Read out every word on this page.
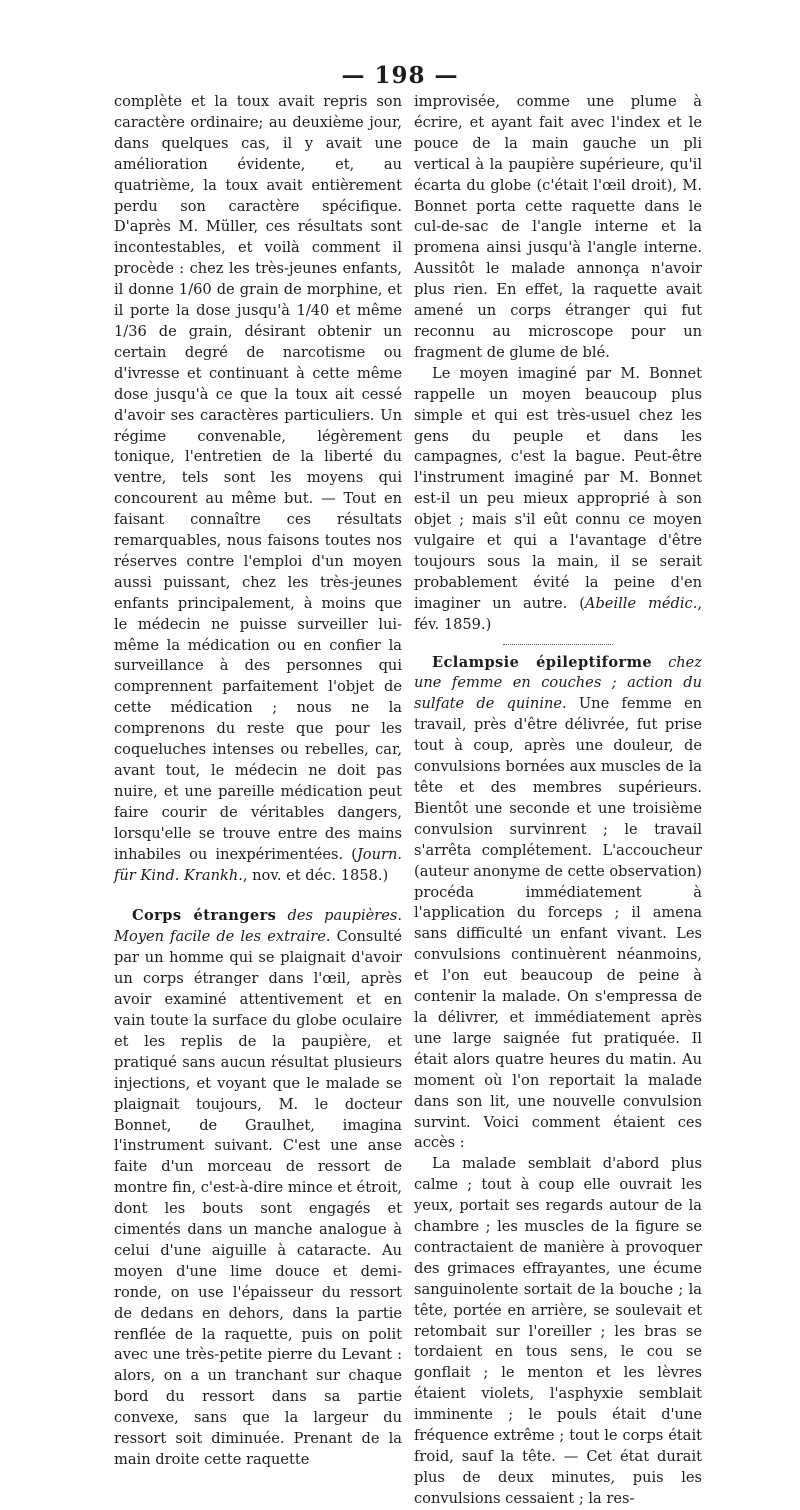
— 198 —

complète et la toux avait repris son caractère ordinaire; au deuxième jour, dans quelques cas, il y avait une amélioration évidente, et, au quatrième, la toux avait entièrement perdu son caractère spécifique. D'après M. Müller, ces résultats sont incontestables, et voilà comment il procède : chez les très-jeunes enfants, il donne 1/60 de grain de morphine, et il porte la dose jusqu'à 1/40 et même 1/36 de grain, désirant obtenir un certain degré de narcotisme ou d'ivresse et continuant à cette même dose jusqu'à ce que la toux ait cessé d'avoir ses caractères particuliers. Un régime convenable, légèrement tonique, l'entretien de la liberté du ventre, tels sont les moyens qui concourent au même but. — Tout en faisant connaître ces résultats remarquables, nous faisons toutes nos réserves contre l'emploi d'un moyen aussi puissant, chez les très-jeunes enfants principalement, à moins que le médecin ne puisse surveiller lui-même la médication ou en confier la surveillance à des personnes qui comprennent parfaitement l'objet de cette médication ; nous ne la comprenons du reste que pour les coqueluches intenses ou rebelles, car, avant tout, le médecin ne doit pas nuire, et une pareille médication peut faire courir de véritables dangers, lorsqu'elle se trouve entre des mains inhabiles ou inexpérimentées. (Journ. für Kind. Krankh., nov. et déc. 1858.)

Corps étrangers des paupières. Moyen facile de les extraire. Consulté par un homme qui se plaignait d'avoir un corps étranger dans l'œil, après avoir examiné attentivement et en vain toute la surface du globe oculaire et les replis de la paupière, et pratiqué sans aucun résultat plusieurs injections, et voyant que le malade se plaignait toujours, M. le docteur Bonnet, de Graulhet, imagina l'instrument suivant. C'est une anse faite d'un morceau de ressort de montre fin, c'est-à-dire mince et étroit, dont les bouts sont engagés et cimentés dans un manche analogue à celui d'une aiguille à cataracte. Au moyen d'une lime douce et demi-ronde, on use l'épaisseur du ressort de dedans en dehors, dans la partie renflée de la raquette, puis on polit avec une très-petite pierre du Levant : alors, on a un tranchant sur chaque bord du ressort dans sa partie convexe, sans que la largeur du ressort soit diminuée. Prenant de la main droite cette raquette

improvisée, comme une plume à écrire, et ayant fait avec l'index et le pouce de la main gauche un pli vertical à la paupière supérieure, qu'il écarta du globe (c'était l'œil droit), M. Bonnet porta cette raquette dans le cul-de-sac de l'angle interne et la promena ainsi jusqu'à l'angle interne. Aussitôt le malade annonça n'avoir plus rien. En effet, la raquette avait amené un corps étranger qui fut reconnu au microscope pour un fragment de glume de blé.

Le moyen imaginé par M. Bonnet rappelle un moyen beaucoup plus simple et qui est très-usuel chez les gens du peuple et dans les campagnes, c'est la bague. Peut-être l'instrument imaginé par M. Bonnet est-il un peu mieux approprié à son objet ; mais s'il eût connu ce moyen vulgaire et qui a l'avantage d'être toujours sous la main, il se serait probablement évité la peine d'en imaginer un autre. (Abeille médic., fév. 1859.)

Eclampsie épileptiforme chez une femme en couches ; action du sulfate de quinine. Une femme en travail, près d'être délivrée, fut prise tout à coup, après une douleur, de convulsions bornées aux muscles de la tête et des membres supérieurs. Bientôt une seconde et une troisième convulsion survinrent ; le travail s'arrêta complétement. L'accoucheur (auteur anonyme de cette observation) procéda immédiatement à l'application du forceps ; il amena sans difficulté un enfant vivant. Les convulsions continuèrent néanmoins, et l'on eut beaucoup de peine à contenir la malade. On s'empressa de la délivrer, et immédiatement après une large saignée fut pratiquée. Il était alors quatre heures du matin. Au moment où l'on reportait la malade dans son lit, une nouvelle convulsion survint. Voici comment étaient ces accès :

La malade semblait d'abord plus calme ; tout à coup elle ouvrait les yeux, portait ses regards autour de la chambre ; les muscles de la figure se contractaient de manière à provoquer des grimaces effrayantes, une écume sanguinolente sortait de la bouche ; la tête, portée en arrière, se soulevait et retombait sur l'oreiller ; les bras se tordaient en tous sens, le cou se gonflait ; le menton et les lèvres étaient violets, l'asphyxie semblait imminente ; le pouls était d'une fréquence extrême ; tout le corps était froid, sauf la tête. — Cet état durait plus de deux minutes, puis les convulsions cessaient ; la res-
